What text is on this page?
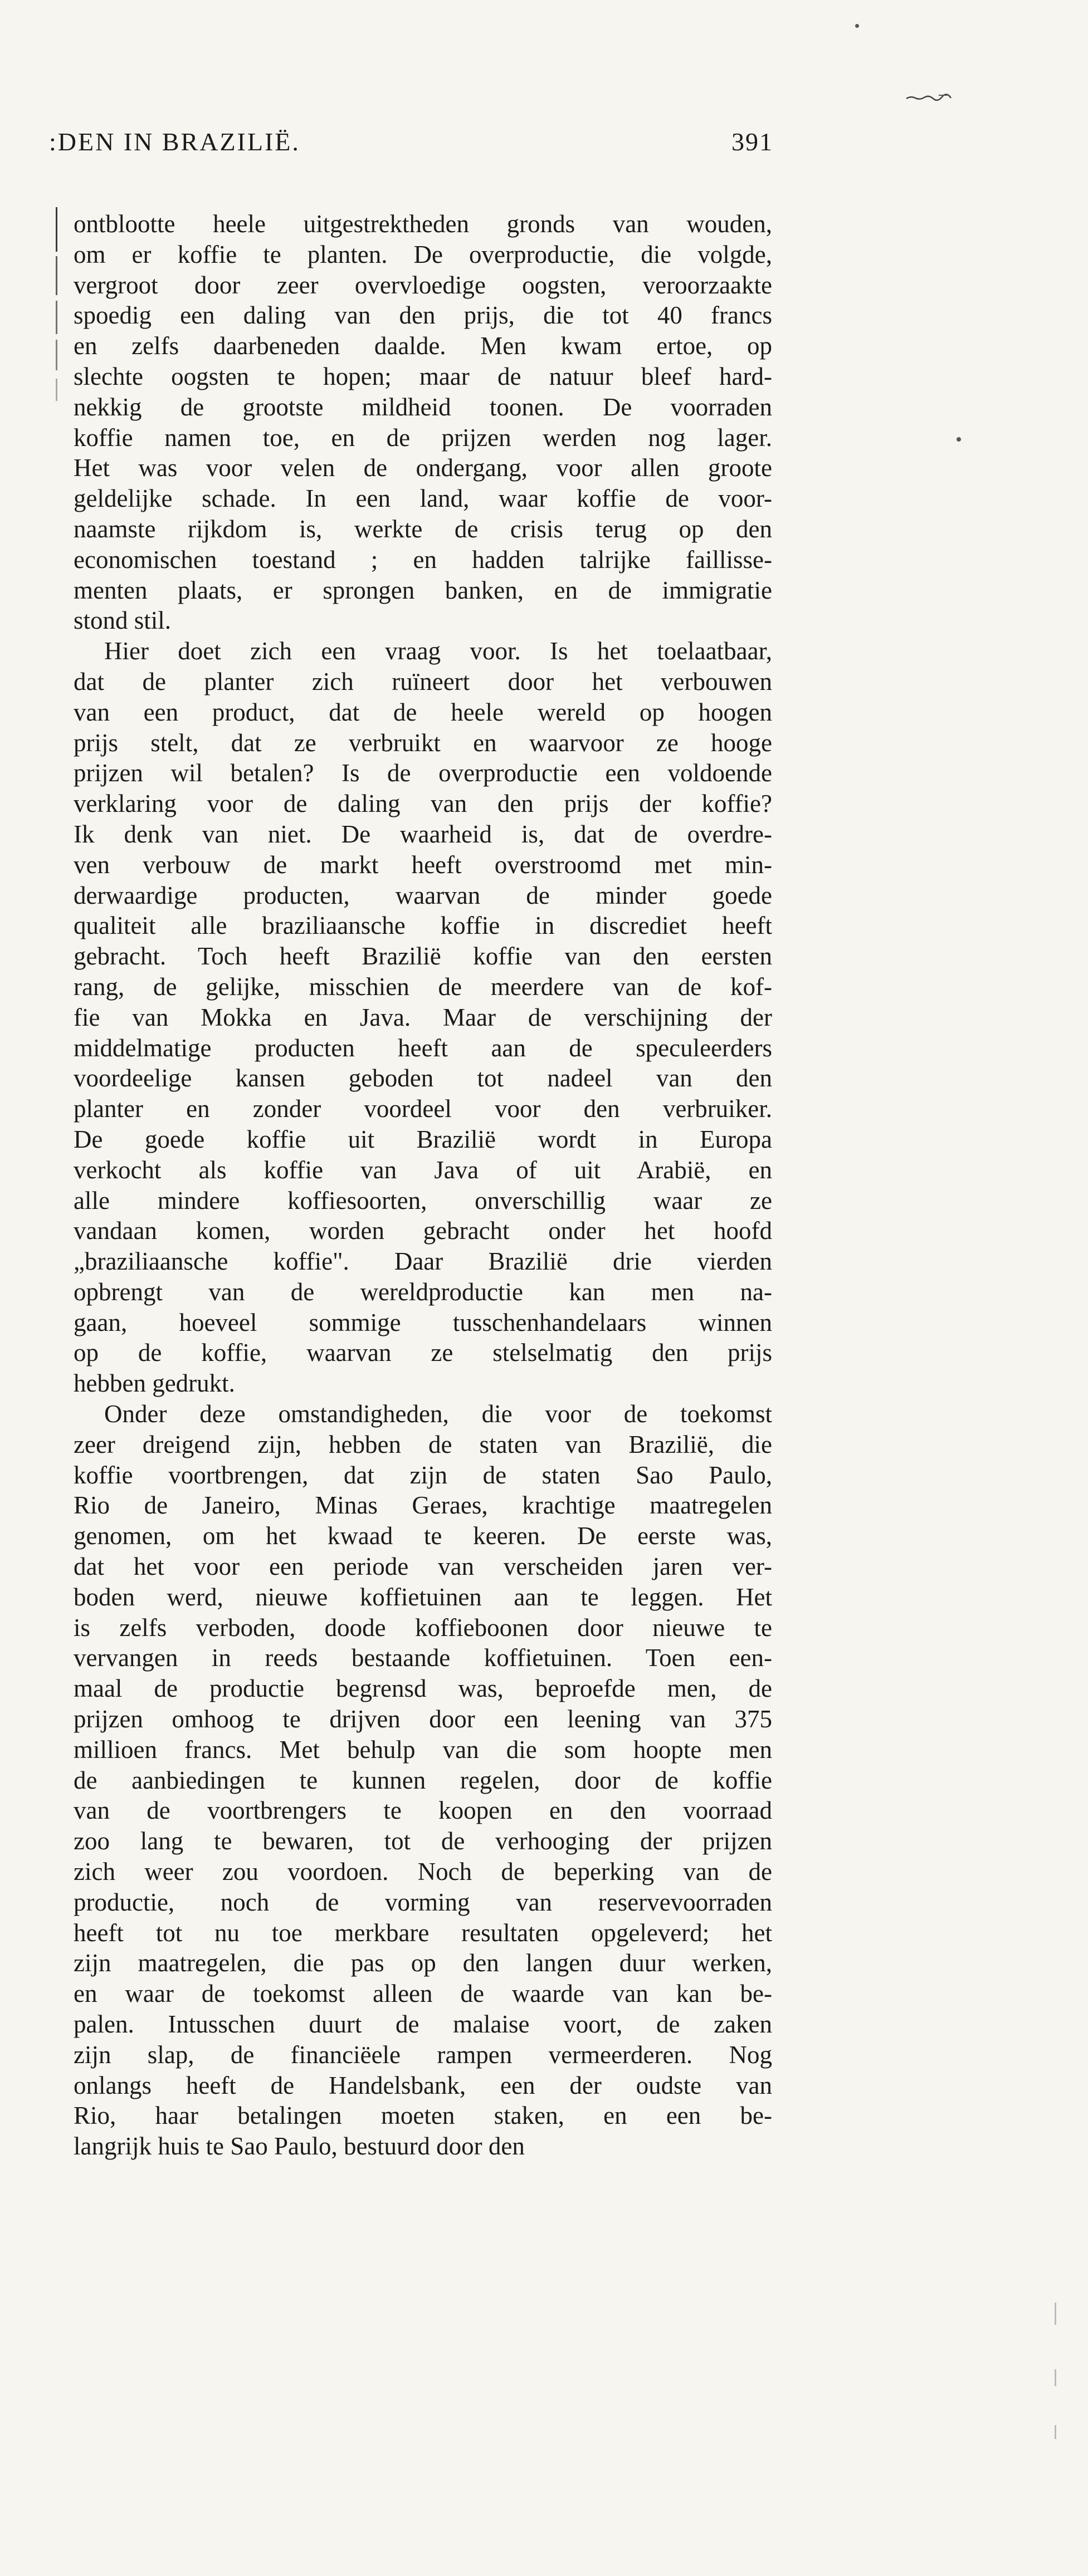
:DEN IN BRAZILIË.	391
ontblootte heele uitgestrektheden gronds van wouden,
om er koffie te planten. De overproductie, die volgde,
vergroot door zeer overvloedige oogsten, veroorzaakte
spoedig een daling van den prijs, die tot 40 francs
en zelfs daarbeneden daalde. Men kwam ertoe, op
slechte oogsten te hopen; maar de natuur bleef hard-
nekkig de grootste mildheid toonen. De voorraden
koffie namen toe, en de prijzen werden nog lager.
Het was voor velen de ondergang, voor allen groote
geldelijke schade. In een land, waar koffie de voor-
naamste rijkdom is, werkte de crisis terug op den
economischen toestand ; en hadden talrijke faillisse-
menten plaats, er sprongen banken, en de immigratie
stond stil.
Hier doet zich een vraag voor. Is het toelaatbaar,
dat de planter zich ruïneert door het verbouwen
van een product, dat de heele wereld op hoogen
prijs stelt, dat ze verbruikt en waarvoor ze hooge
prijzen wil betalen? Is de overproductie een voldoende
verklaring voor de daling van den prijs der koffie?
Ik denk van niet. De waarheid is, dat de overdre-
ven verbouw de markt heeft overstroomd met min-
derwaardige producten, waarvan de minder goede
qualiteit alle braziliaansche koffie in discrediet heeft
gebracht. Toch heeft Brazilië koffie van den eersten
rang, de gelijke, misschien de meerdere van de kof-
fie van Mokka en Java. Maar de verschijning der
middelmatige producten heeft aan de speculeerders
voordeelige kansen geboden tot nadeel van den
planter en zonder voordeel voor den verbruiker.
De goede koffie uit Brazilië wordt in Europa
verkocht als koffie van Java of uit Arabië, en
alle mindere koffiesoorten, onverschillig waar ze
vandaan komen, worden gebracht onder het hoofd
„braziliaansche koffie". Daar Brazilië drie vierden
opbrengt van de wereldproductie kan men na-
gaan, hoeveel sommige tusschenhandelaars winnen
op de koffie, waarvan ze stelselmatig den prijs
hebben gedrukt.
Onder deze omstandigheden, die voor de toekomst
zeer dreigend zijn, hebben de staten van Brazilië, die
koffie voortbrengen, dat zijn de staten Sao Paulo,
Rio de Janeiro, Minas Geraes, krachtige maatregelen
genomen, om het kwaad te keeren. De eerste was,
dat het voor een periode van verscheiden jaren ver-
boden werd, nieuwe koffietuinen aan te leggen. Het
is zelfs verboden, doode koffieboonen door nieuwe te
vervangen in reeds bestaande koffietuinen. Toen een-
maal de productie begrensd was, beproefde men, de
prijzen omhoog te drijven door een leening van 375
millioen francs. Met behulp van die som hoopte men
de aanbiedingen te kunnen regelen, door de koffie
van de voortbrengers te koopen en den voorraad
zoo lang te bewaren, tot de verhooging der prijzen
zich weer zou voordoen. Noch de beperking van de
productie, noch de vorming van reservevoorraden
heeft tot nu toe merkbare resultaten opgeleverd; het
zijn maatregelen, die pas op den langen duur werken,
en waar de toekomst alleen de waarde van kan be-
palen. Intusschen duurt de malaise voort, de zaken
zijn slap, de financiëele rampen vermeerderen. Nog
onlangs heeft de Handelsbank, een der oudste van
Rio, haar betalingen moeten staken, en een be-
langrijk huis te Sao Paulo, bestuurd door den
